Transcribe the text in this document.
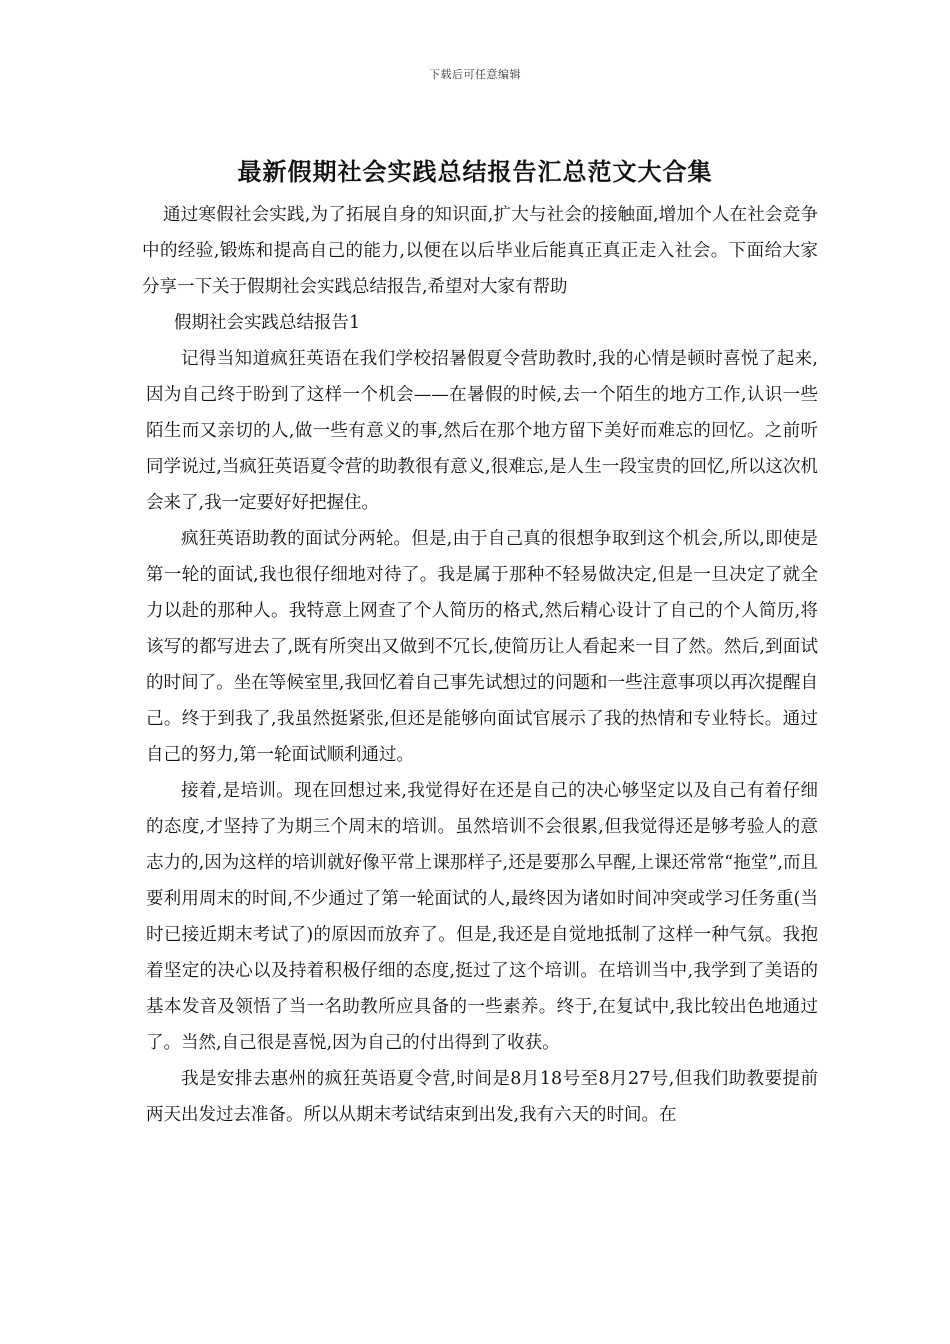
下载后可任意编辑
最新假期社会实践总结报告汇总范文大合集

通过寒假社会实践,为了拓展自身的知识面,扩大与社会的接触面,增加个人在社会竞争中的经验,锻炼和提高自己的能力,以便在以后毕业后能真正真正走入社会。下面给大家分享一下关于假期社会实践总结报告,希望对大家有帮助

假期社会实践总结报告1

记得当知道疯狂英语在我们学校招暑假夏令营助教时,我的心情是顿时喜悦了起来,因为自己终于盼到了这样一个机会——在暑假的时候,去一个陌生的地方工作,认识一些陌生而又亲切的人,做一些有意义的事,然后在那个地方留下美好而难忘的回忆。之前听同学说过,当疯狂英语夏令营的助教很有意义,很难忘,是人生一段宝贵的回忆,所以这次机会来了,我一定要好好把握住。

疯狂英语助教的面试分两轮。但是,由于自己真的很想争取到这个机会,所以,即使是第一轮的面试,我也很仔细地对待了。我是属于那种不轻易做决定,但是一旦决定了就全力以赴的那种人。我特意上网查了个人简历的格式,然后精心设计了自己的个人简历,将该写的都写进去了,既有所突出又做到不冗长,使简历让人看起来一目了然。然后,到面试的时间了。坐在等候室里,我回忆着自己事先试想过的问题和一些注意事项以再次提醒自己。终于到我了,我虽然挺紧张,但还是能够向面试官展示了我的热情和专业特长。通过自己的努力,第一轮面试顺利通过。

接着,是培训。现在回想过来,我觉得好在还是自己的决心够坚定以及自己有着仔细的态度,才坚持了为期三个周末的培训。虽然培训不会很累,但我觉得还是够考验人的意志力的,因为这样的培训就好像平常上课那样子,还是要那么早醒,上课还常常“拖堂”,而且要利用周末的时间,不少通过了第一轮面试的人,最终因为诸如时间冲突或学习任务重(当时已接近期末考试了)的原因而放弃了。但是,我还是自觉地抵制了这样一种气氛。我抱着坚定的决心以及持着积极仔细的态度,挺过了这个培训。在培训当中,我学到了美语的基本发音及领悟了当一名助教所应具备的一些素养。终于,在复试中,我比较出色地通过了。当然,自己很是喜悦,因为自己的付出得到了收获。

我是安排去惠州的疯狂英语夏令营,时间是8月18号至8月27号,但我们助教要提前两天出发过去准备。所以从期末考试结束到出发,我有六天的时间。在
